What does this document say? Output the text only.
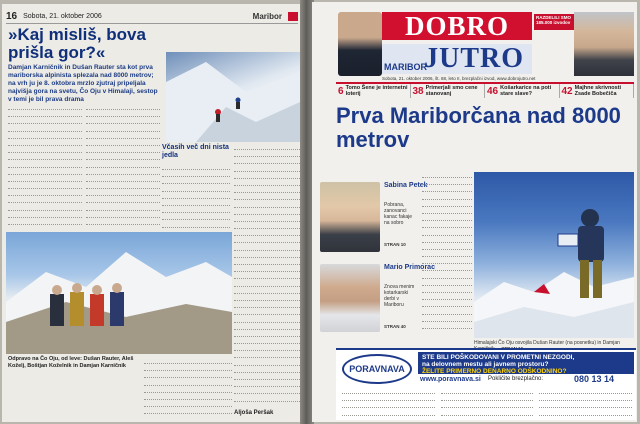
16 Sobota, 21. oktober 2006	Maribor
»Kaj misliš, bova prišla gor?«
Damjan Karničnik in Dušan Rauter sta kot prva mariborska alpinista splezala nad 8000 metrov; na vrh ju je 8. oktobra mrzlo zjutraj pripeljala najvišja gora na svetu, Čo Oju v Himalaji, sestop v temi je bil prava drama
Včasih več dni nista jedla
Odpravo na Čo Oju, od leve: Dušan Rauter, Aleš Koželj, Boštjan Koželnik in Damjan Karničnik
Aljoša Peršak
DOBRO
JUTRO
MARIBOR
Sobota, 21. oktober 2006, št. 88, leto II, brezplačni izvod, www.dobrojutro.net
RAZDELILI SMO 185.000 izvodov
6 Tomo Šene je internetni loterij	38 Primerjali smo cene stanovanj	46 Košarkarice na poti stare slave?	42 Majhne skrivnosti Zsade Bobečiča
Prva Mariborčana nad 8000 metrov
Sabina Petek
Pobrana, zanovanci kanac fakaje na sobro
STRAN 10
Mario Primorac
Znova menim kotarkarski derbi v Mariboru
STRAN 40
Himalajski Čo Oju osvojila Dušan Rauter (na posnetku) in Damjan
PORAVNAVA
STE BILI POŠKODOVANI V PROMETNI NEZGODI,
na delovnem mestu ali javnem prostoru?
ŽELITE PRIMERNO DENARNO ODŠKODNINO?
www.poravnava.si Pokličite brezplačno:	080 13 14
